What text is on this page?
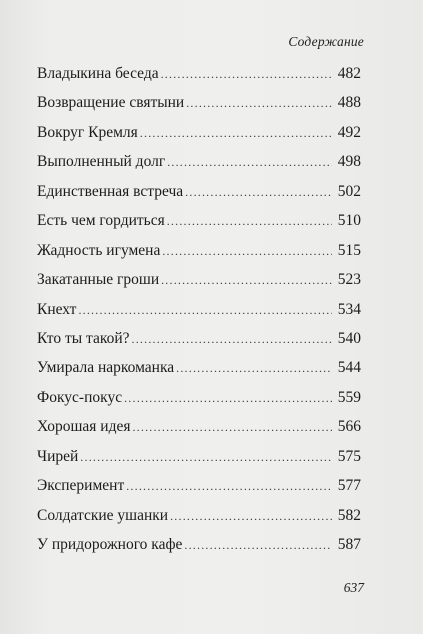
Содержание
Владыкина беседа .....	482
Возвращение святыни .....	488
Вокруг Кремля .....	492
Выполненный долг .....	498
Единственная встреча .....	502
Есть чем гордиться .....	510
Жадность игумена .....	515
Закатанные гроши .....	523
Кнехт .....	534
Кто ты такой? .....	540
Умирала наркоманка .....	544
Фокус-покус .....	559
Хорошая идея .....	566
Чирей .....	575
Эксперимент .....	577
Солдатские ушанки .....	582
У придорожного кафе .....	587
637
